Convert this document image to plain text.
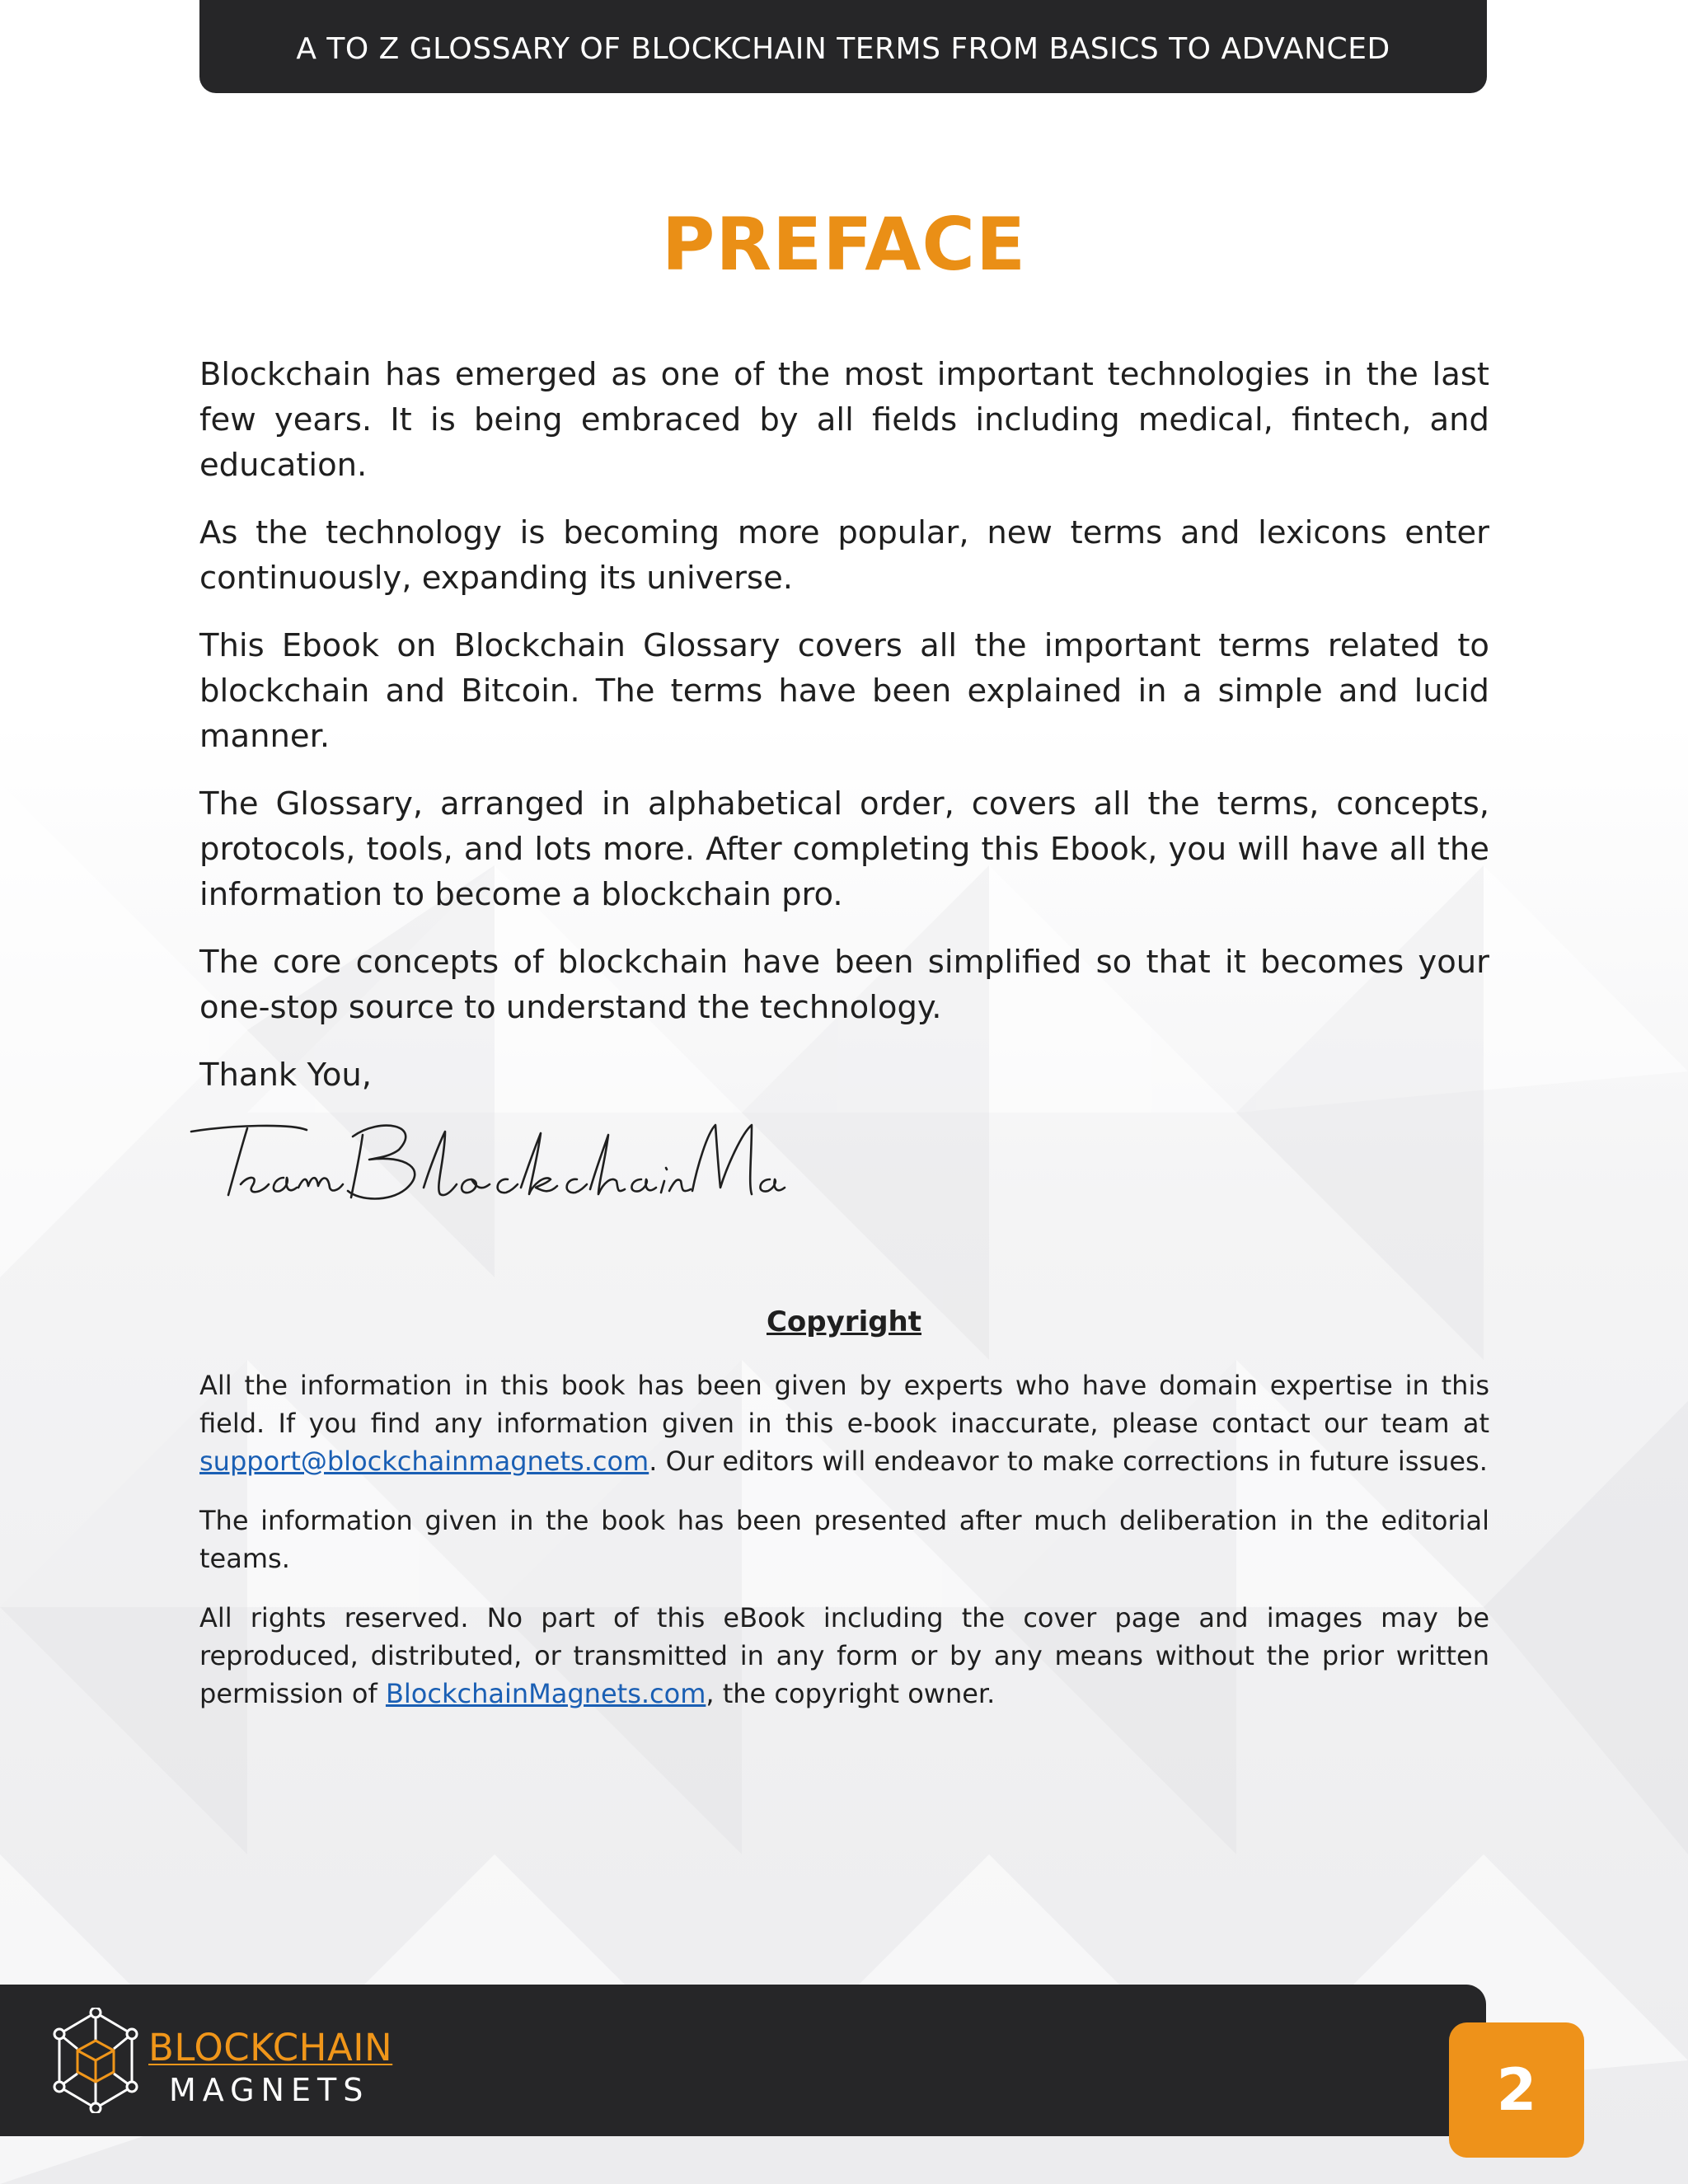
A TO Z GLOSSARY OF BLOCKCHAIN TERMS FROM BASICS TO ADVANCED
PREFACE

Blockchain has emerged as one of the most important technologies in the last few years. It is being embraced by all fields including medical, fintech, and education.

As the technology is becoming more popular, new terms and lexicons enter continuously, expanding its universe.

This Ebook on Blockchain Glossary covers all the important terms related to blockchain and Bitcoin. The terms have been explained in a simple and lucid manner.

The Glossary, arranged in alphabetical order, covers all the terms, concepts, protocols, tools, and lots more. After completing this Ebook, you will have all the information to become a blockchain pro.

The core concepts of blockchain have been simplified so that it becomes your one-stop source to understand the technology.

Thank You,

Copyright

All the information in this book has been given by experts who have domain expertise in this field. If you find any information given in this e-book inaccurate, please contact our team at support@blockchainmagnets.com. Our editors will endeavor to make corrections in future issues.

The information given in the book has been presented after much deliberation in the editorial teams.

All rights reserved. No part of this eBook including the cover page and images may be reproduced, distributed, or transmitted in any form or by any means without the prior written permission of BlockchainMagnets.com, the copyright owner.

BLOCKCHAIN
MAGNETS	2
